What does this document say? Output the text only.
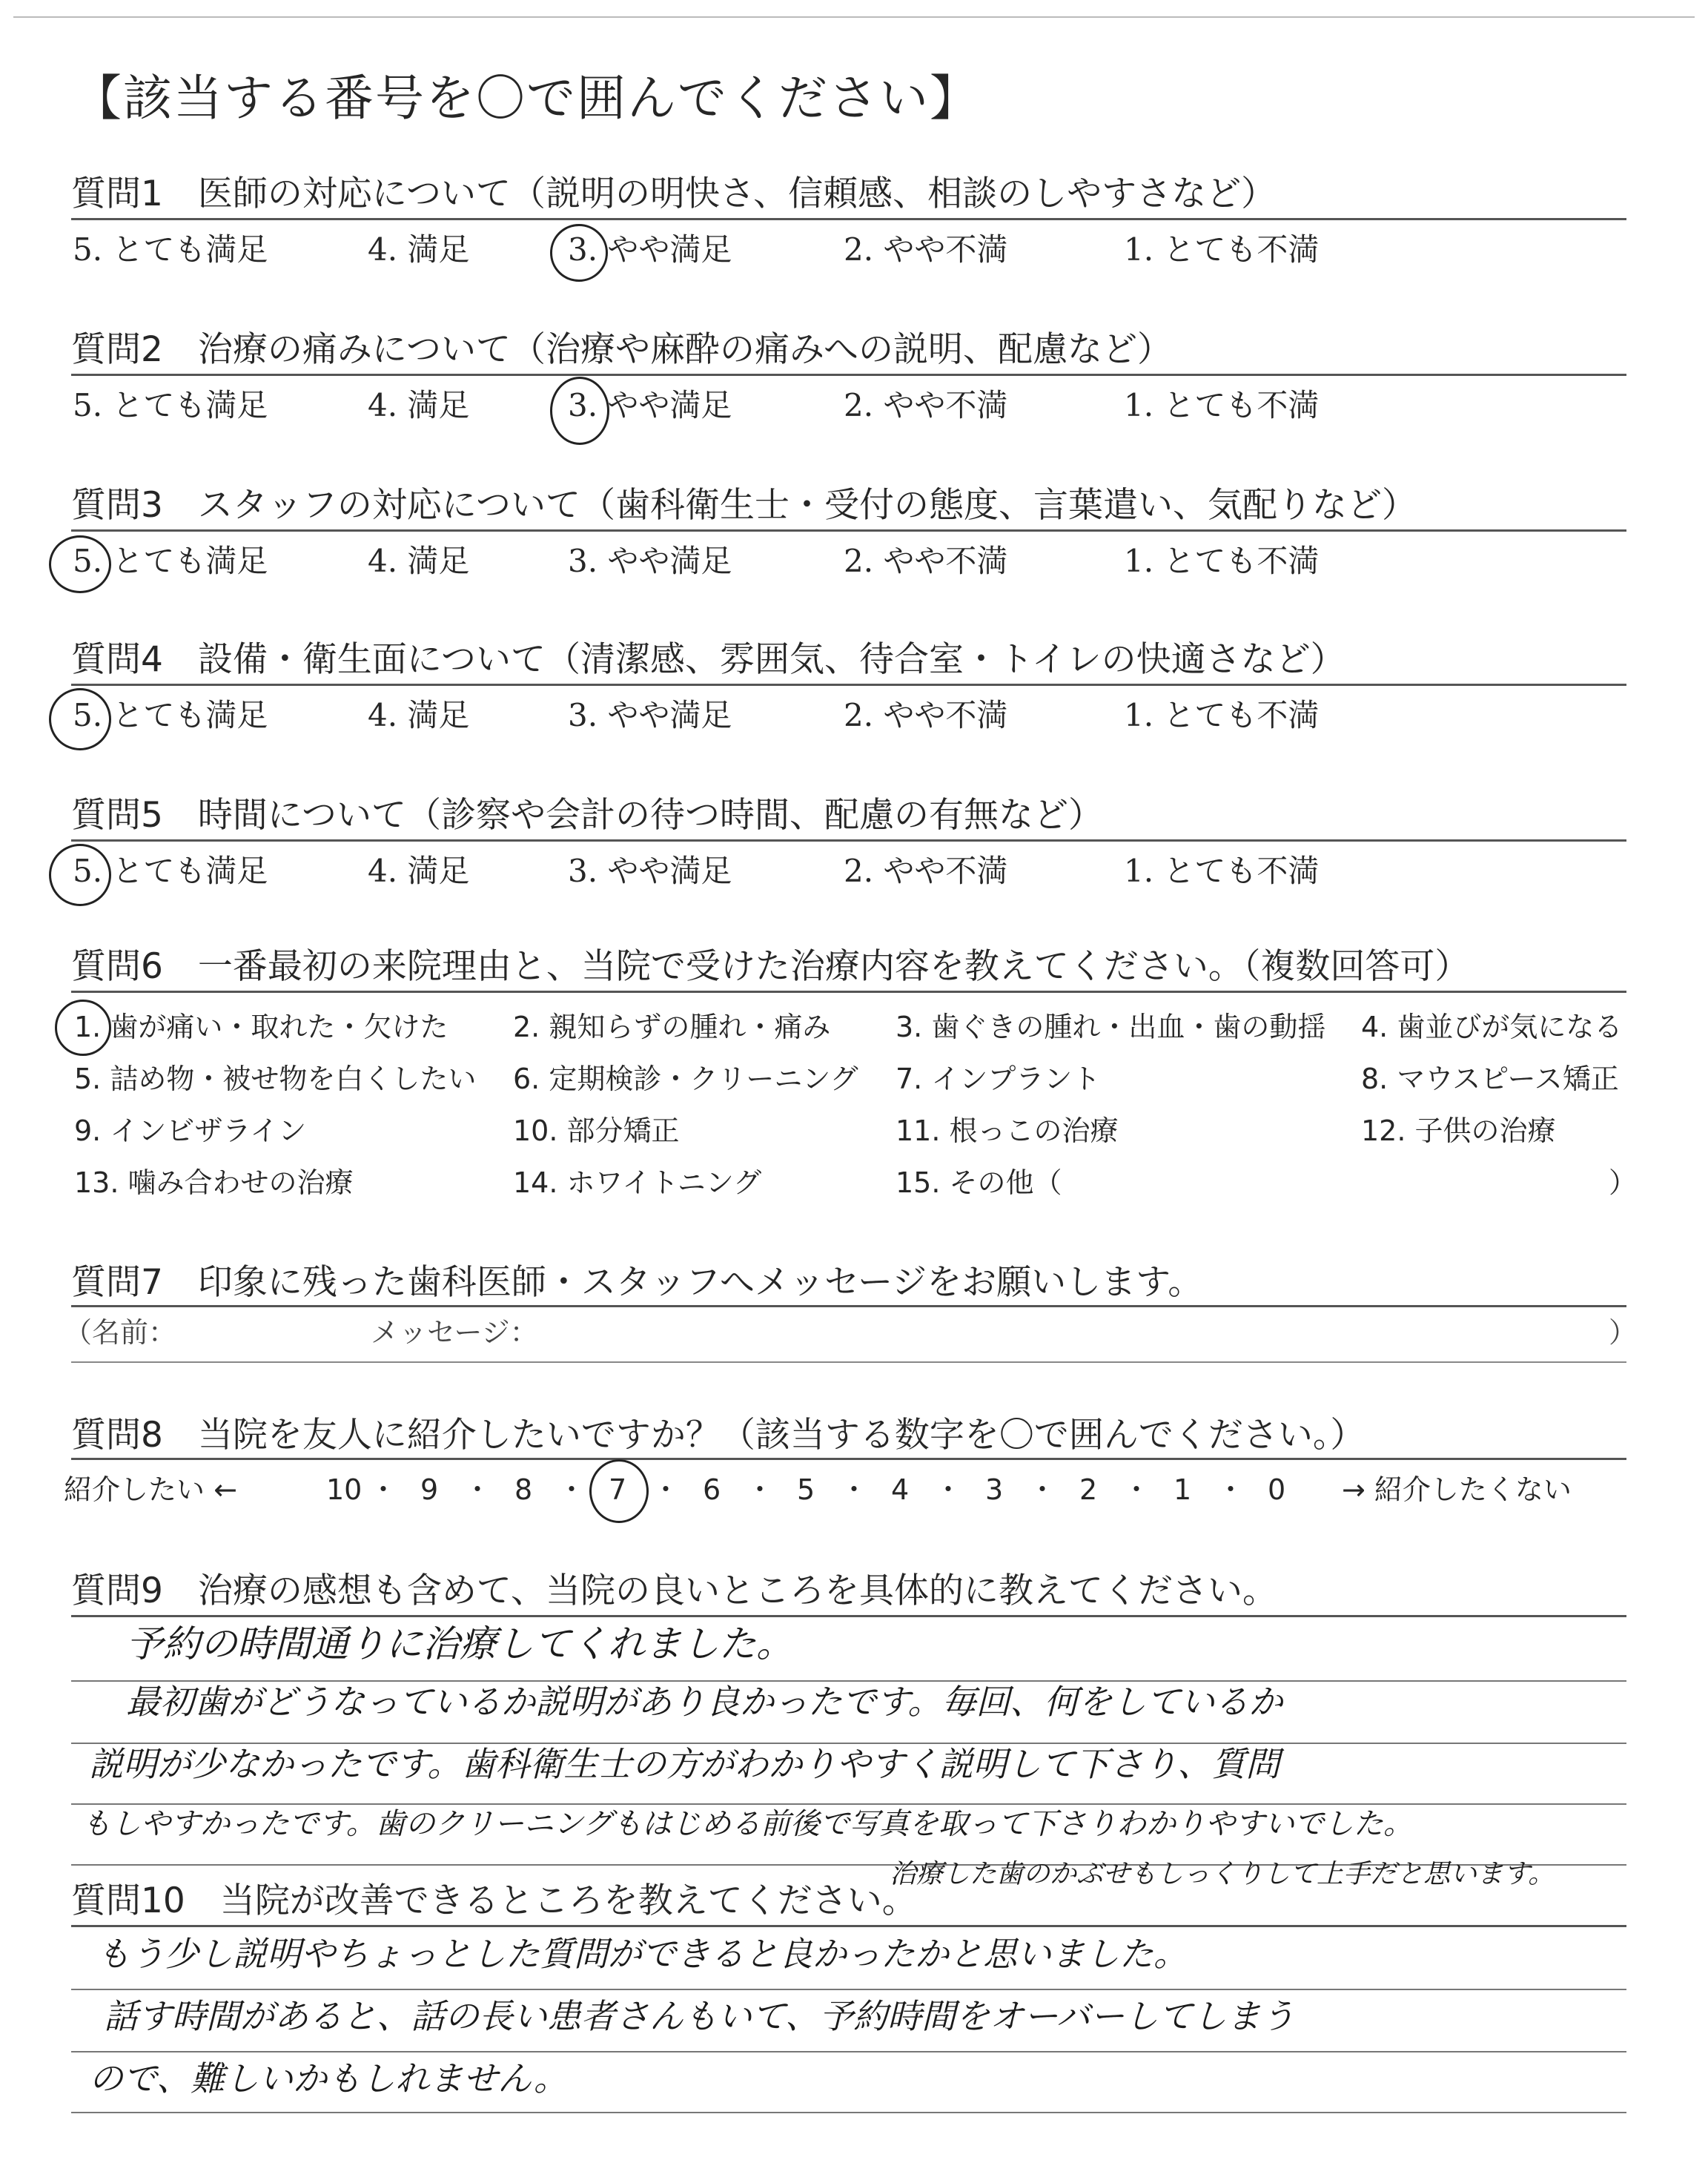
【該当する番号を〇で囲んでください】
質問1　医師の対応について（説明の明快さ、信頼感、相談のしやすさなど）
5. とても満足	4. 満足	3. やや満足	2. やや不満	1. とても不満
質問2　治療の痛みについて（治療や麻酔の痛みへの説明、配慮など）
5. とても満足	4. 満足	3. やや満足	2. やや不満	1. とても不満
質問3　スタッフの対応について（歯科衛生士・受付の態度、言葉遣い、気配りなど）
5. とても満足	4. 満足	3. やや満足	2. やや不満	1. とても不満
質問4　設備・衛生面について（清潔感、雰囲気、待合室・トイレの快適さなど）
5. とても満足	4. 満足	3. やや満足	2. やや不満	1. とても不満
質問5　時間について（診察や会計の待つ時間、配慮の有無など）
5. とても満足	4. 満足	3. やや満足	2. やや不満	1. とても不満
質問6　一番最初の来院理由と、当院で受けた治療内容を教えてください。（複数回答可）
1. 歯が痛い・取れた・欠けた 2. 親知らずの腫れ・痛み 3. 歯ぐきの腫れ・出血・歯の動揺 4. 歯並びが気になる
5. 詰め物・被せ物を白くしたい 6. 定期検診・クリーニング 7. インプラント	8. マウスピース矯正
9. インビザライン	10. 部分矯正	11. 根っこの治療	12. 子供の治療
13. 噛み合わせの治療	14. ホワイトニング	15. その他（	）
質問7　印象に残った歯科医師・スタッフへメッセージをお願いします。
（名前：	メッセージ：	）
質問8　当院を友人に紹介したいですか？（該当する数字を〇で囲んでください。）
紹介したい ←	→ 紹介したくない
10 ・ 9 ・ 8 ・ 7 ・ 6 ・ 5 ・ 4 ・ 3 ・ 2 ・ 1 ・ 0
質問9　治療の感想も含めて、当院の良いところを具体的に教えてください。
予約の時間通りに治療してくれました。
最初歯がどうなっているか説明があり良かったです。毎回、何をしているか
説明が少なかったです。歯科衛生士の方がわかりやすく説明して下さり、質問
もしやすかったです。歯のクリーニングもはじめる前後で写真を取って下さりわかりやすいでした。
治療した歯のかぶせもしっくりして上手だと思います。
質問10　当院が改善できるところを教えてください。
もう少し説明やちょっとした質問ができると良かったかと思いました。
話す時間があると、話の長い患者さんもいて、予約時間をオーバーしてしまう
ので、難しいかもしれません。
